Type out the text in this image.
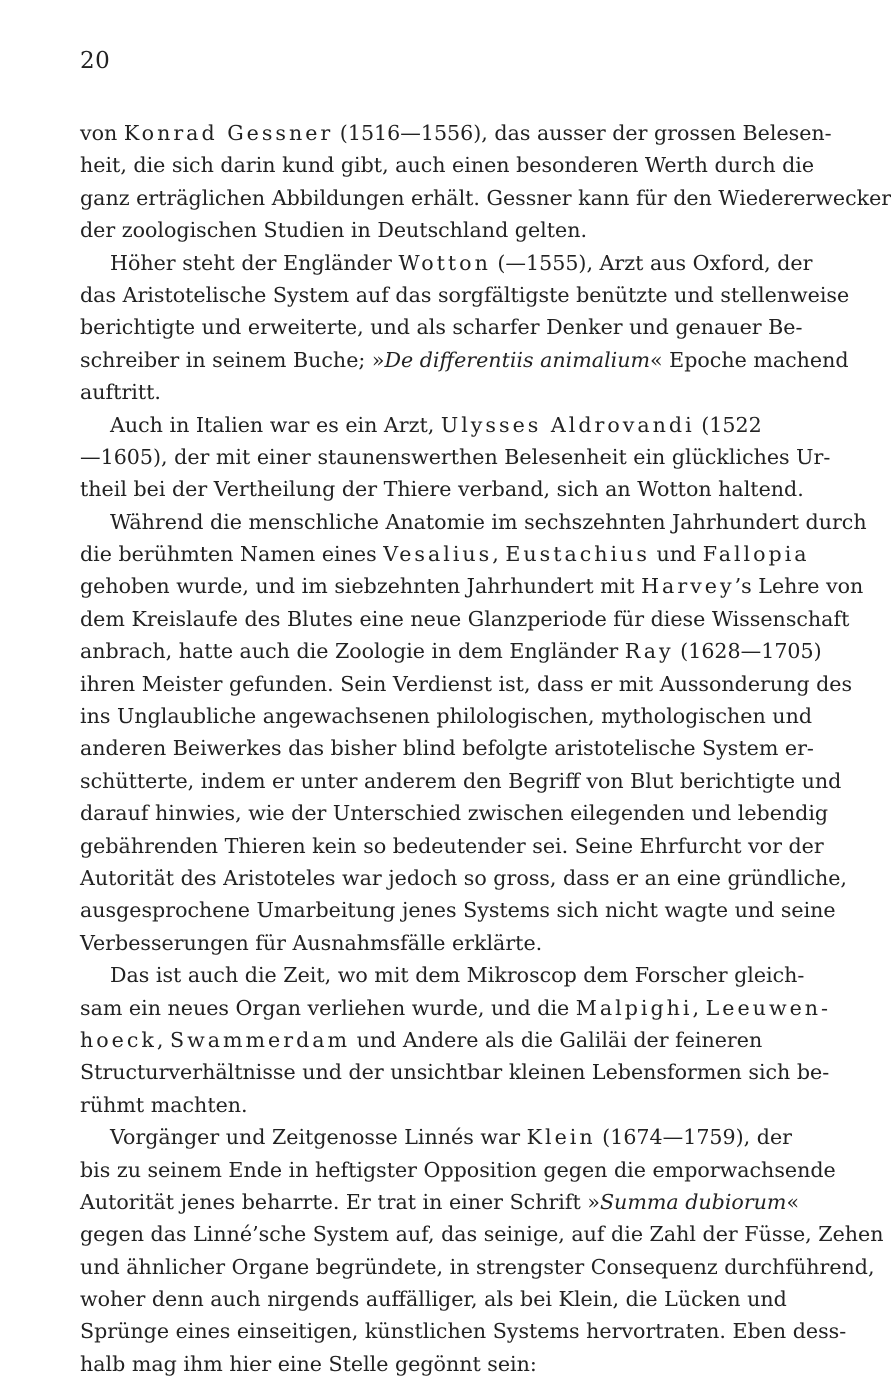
20
von Konrad Gessner (1516—1556), das ausser der grossen Belesen-
heit, die sich darin kund gibt, auch einen besonderen Werth durch die
ganz erträglichen Abbildungen erhält. Gessner kann für den Wiedererwecker
der zoologischen Studien in Deutschland gelten.
Höher steht der Engländer Wotton (—1555), Arzt aus Oxford, der
das Aristotelische System auf das sorgfältigste benützte und stellenweise
berichtigte und erweiterte, und als scharfer Denker und genauer Be-
schreiber in seinem Buche; »De differentiis animalium« Epoche machend
auftritt.
Auch in Italien war es ein Arzt, Ulysses Aldrovandi (1522
—1605), der mit einer staunenswerthen Belesenheit ein glückliches Ur-
theil bei der Vertheilung der Thiere verband, sich an Wotton haltend.
Während die menschliche Anatomie im sechszehnten Jahrhundert durch
die berühmten Namen eines Vesalius, Eustachius und Fallopia
gehoben wurde, und im siebzehnten Jahrhundert mit Harvey’s Lehre von
dem Kreislaufe des Blutes eine neue Glanzperiode für diese Wissenschaft
anbrach, hatte auch die Zoologie in dem Engländer Ray (1628—1705)
ihren Meister gefunden. Sein Verdienst ist, dass er mit Aussonderung des
ins Unglaubliche angewachsenen philologischen, mythologischen und
anderen Beiwerkes das bisher blind befolgte aristotelische System er-
schütterte, indem er unter anderem den Begriff von Blut berichtigte und
darauf hinwies, wie der Unterschied zwischen eilegenden und lebendig
gebährenden Thieren kein so bedeutender sei. Seine Ehrfurcht vor der
Autorität des Aristoteles war jedoch so gross, dass er an eine gründliche,
ausgesprochene Umarbeitung jenes Systems sich nicht wagte und seine
Verbesserungen für Ausnahmsfälle erklärte.
Das ist auch die Zeit, wo mit dem Mikroscop dem Forscher gleich-
sam ein neues Organ verliehen wurde, und die Malpighi, Leeuwen-
hoeck, Swammerdam und Andere als die Galiläi der feineren
Structurverhältnisse und der unsichtbar kleinen Lebensformen sich be-
rühmt machten.
Vorgänger und Zeitgenosse Linnés war Klein (1674—1759), der
bis zu seinem Ende in heftigster Opposition gegen die emporwachsende
Autorität jenes beharrte. Er trat in einer Schrift »Summa dubiorum«
gegen das Linné’sche System auf, das seinige, auf die Zahl der Füsse, Zehen
und ähnlicher Organe begründete, in strengster Consequenz durchführend,
woher denn auch nirgends auffälliger, als bei Klein, die Lücken und
Sprünge eines einseitigen, künstlichen Systems hervortraten. Eben dess-
halb mag ihm hier eine Stelle gegönnt sein:
